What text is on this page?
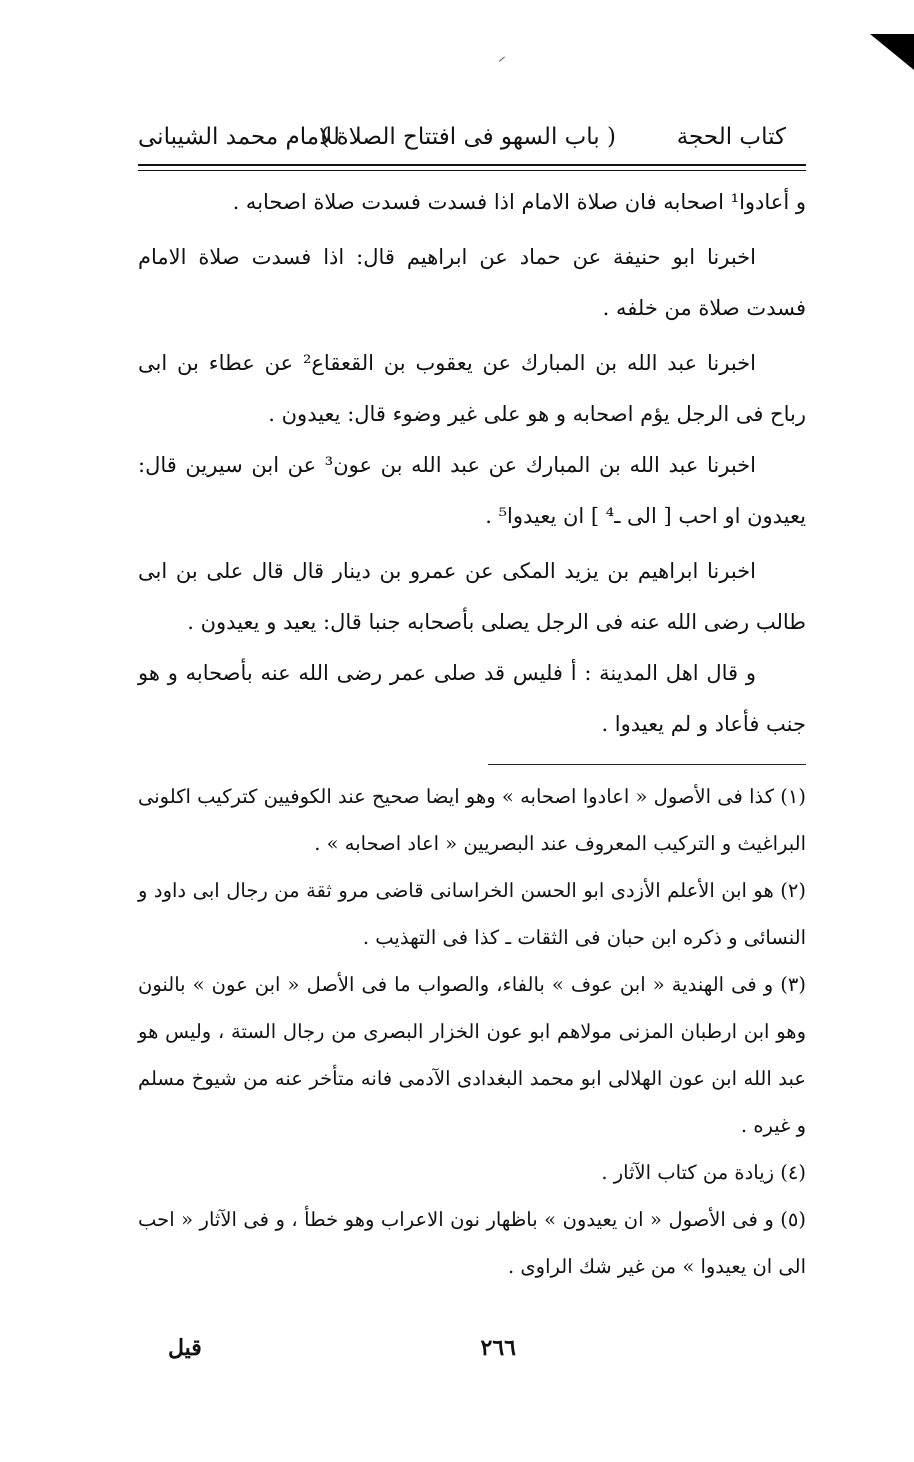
كتاب الحجة
( باب السهو فى افتتاح الصلاة )
للامام محمد الشيبانى

و أعادوا¹ اصحابه فان صلاة الامام اذا فسدت فسدت صلاة اصحابه .

اخبرنا ابو حنيفة عن حماد عن ابراهيم قال: اذا فسدت صلاة الامام فسدت صلاة من خلفه .

اخبرنا عبد الله بن المبارك عن يعقوب بن القعقاع² عن عطاء بن ابى رباح فى الرجل يؤم اصحابه و هو على غير وضوء قال: يعيدون .

اخبرنا عبد الله بن المبارك عن عبد الله بن عون³ عن ابن سيرين قال: يعيدون او احب [ الى ـ⁴ ] ان يعيدوا⁵ .

اخبرنا ابراهيم بن يزيد المكى عن عمرو بن دينار قال قال على بن ابى طالب رضى الله عنه فى الرجل يصلى بأصحابه جنبا قال: يعيد و يعيدون .

و قال اهل المدينة : أ فليس قد صلى عمر رضى الله عنه بأصحابه و هو جنب فأعاد و لم يعيدوا .

(١) كذا فى الأصول « اعادوا اصحابه » وهو ايضا صحيح عند الكوفيين كتركيب اكلونى البراغيث و التركيب المعروف عند البصريين « اعاد اصحابه » .

(٢) هو ابن الأعلم الأزدى ابو الحسن الخراسانى قاضى مرو ثقة من رجال ابى داود و النسائى و ذكره ابن حبان فى الثقات ـ كذا فى التهذيب .

(٣) و فى الهندية « ابن عوف » بالفاء، والصواب ما فى الأصل « ابن عون » بالنون وهو ابن ارطبان المزنى مولاهم ابو عون الخزار البصرى من رجال الستة ، وليس هو عبد الله ابن عون الهلالى ابو محمد البغدادى الآدمى فانه متأخر عنه من شيوخ مسلم و غيره .

(٤) زيادة من كتاب الآثار .

(٥) و فى الأصول « ان يعيدون » باظهار نون الاعراب وهو خطأ ، و فى الآثار « احب الى ان يعيدوا » من غير شك الراوى .

٢٦٦
قيل
